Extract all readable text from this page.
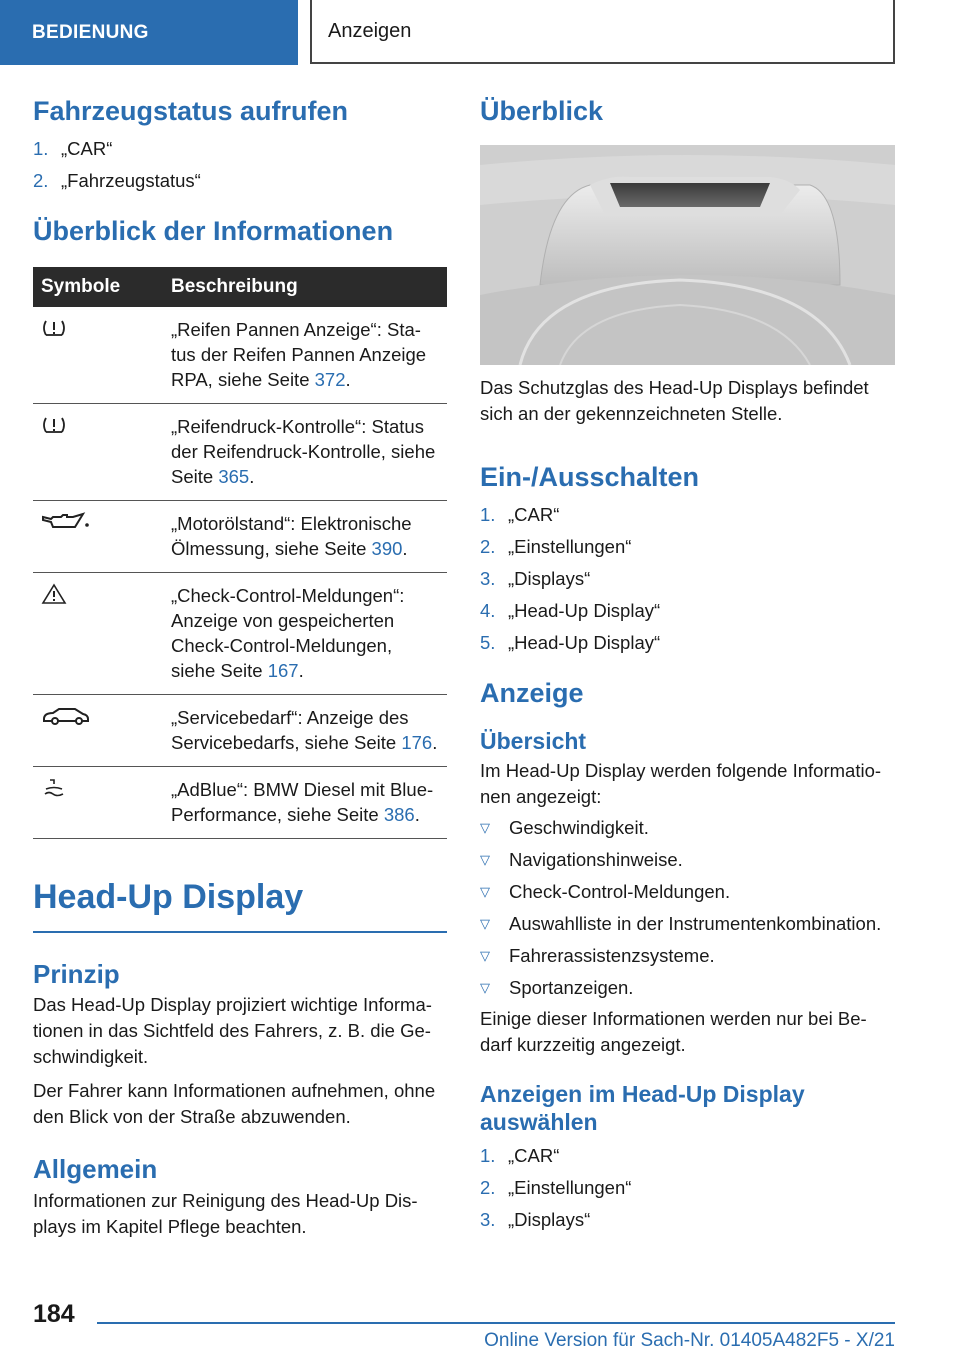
BEDIENUNG	Anzeigen
Fahrzeugstatus aufrufen
1. „CAR“
2. „Fahrzeugstatus“
Überblick der Informationen
Symbole	Beschreibung
	„Reifen Pannen Anzeige“: Sta-tus der Reifen Pannen Anzeige RPA, siehe Seite 372.
	„Reifendruck-Kontrolle“: Status der Reifendruck-Kontrolle, siehe Seite 365.
	„Motorölstand“: Elektronische Ölmessung, siehe Seite 390.
	„Check-Control-Meldungen“: Anzeige von gespeicherten Check-Control-Meldungen, siehe Seite 167.
	„Servicebedarf“: Anzeige des Servicebedarfs, siehe Seite 176.
	„AdBlue“: BMW Diesel mit Blue-Performance, siehe Seite 386.
Head-Up Display
Prinzip

Das Head-Up Display projiziert wichtige Informa-tionen in das Sichtfeld des Fahrers, z. B. die Ge-schwindigkeit.

Der Fahrer kann Informationen aufnehmen, ohne den Blick von der Straße abzuwenden.

Allgemein

Informationen zur Reinigung des Head-Up Dis-plays im Kapitel Pflege beachten.

Überblick

Das Schutzglas des Head-Up Displays befindet sich an der gekennzeichneten Stelle.

Ein-/Ausschalten
1. „CAR“
2. „Einstellungen“
3. „Displays“
4. „Head-Up Display“
5. „Head-Up Display“
Anzeige
Übersicht

Im Head-Up Display werden folgende Informatio-nen angezeigt:

▽	Geschwindigkeit.
▽	Navigationshinweise.
▽	Check-Control-Meldungen.
▽	Auswahlliste in der Instrumentenkombination.
▽	Fahrerassistenzsysteme.
▽	Sportanzeigen.

Einige dieser Informationen werden nur bei Be-darf kurzzeitig angezeigt.

Anzeigen im Head-Up Display auswählen
1. „CAR“
2. „Einstellungen“
3. „Displays“
184
Online Version für Sach-Nr. 01405A482F5 - X/21
